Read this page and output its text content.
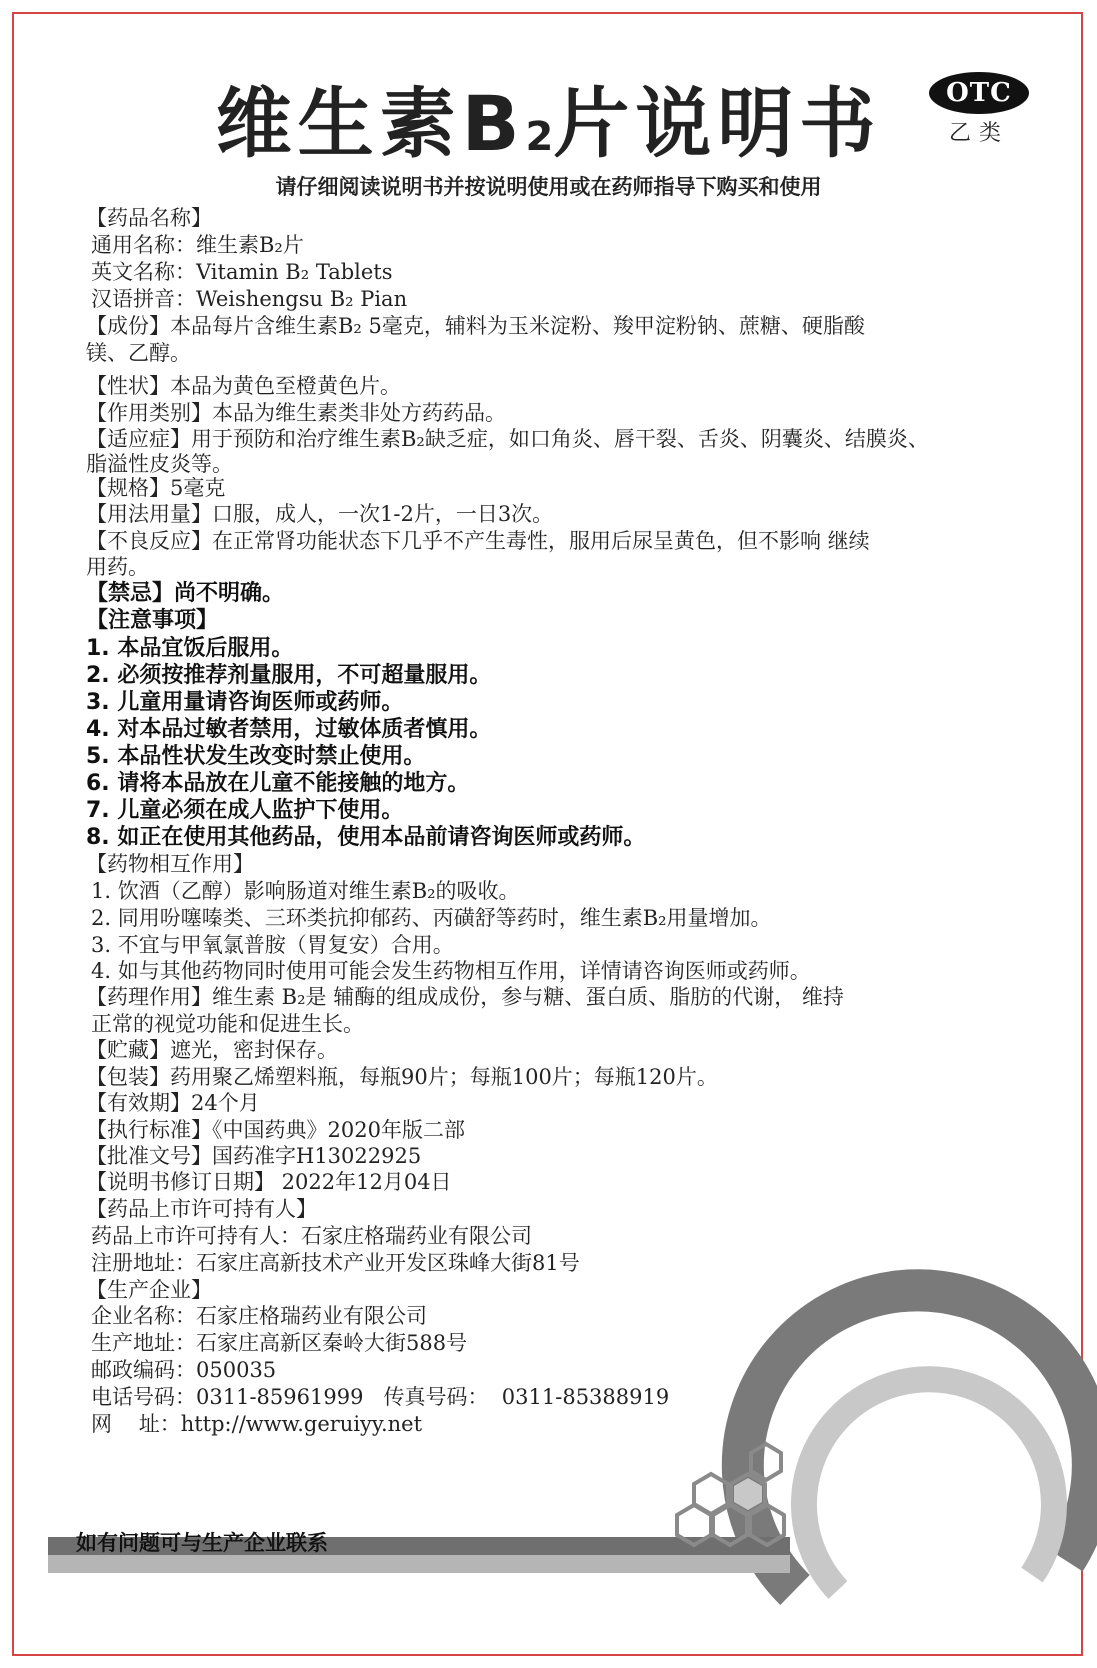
维生素B2片说明书	OTC
乙类
请仔细阅读说明书并按说明使用或在药师指导下购买和使用
【药品名称】
通用名称：维生素B₂片
英文名称：Vitamin B₂ Tablets
汉语拼音：Weishengsu B₂ Pian
【成份】本品每片含维生素B₂ 5毫克，辅料为玉米淀粉、羧甲淀粉钠、蔗糖、硬脂酸
镁、乙醇。
【性状】本品为黄色至橙黄色片。
【作用类别】本品为维生素类非处方药药品。
【适应症】用于预防和治疗维生素B₂缺乏症，如口角炎、唇干裂、舌炎、阴囊炎、结膜炎、
脂溢性皮炎等。
【规格】5毫克
【用法用量】口服，成人，一次1-2片，一日3次。
【不良反应】在正常肾功能状态下几乎不产生毒性，服用后尿呈黄色，但不影响 继续
用药。
【禁忌】尚不明确。
【注意事项】
1. 本品宜饭后服用。
2. 必须按推荐剂量服用，不可超量服用。
3. 儿童用量请咨询医师或药师。
4. 对本品过敏者禁用，过敏体质者慎用。
5. 本品性状发生改变时禁止使用。
6. 请将本品放在儿童不能接触的地方。
7. 儿童必须在成人监护下使用。
8. 如正在使用其他药品，使用本品前请咨询医师或药师。
【药物相互作用】
1. 饮酒（乙醇）影响肠道对维生素B₂的吸收。
2. 同用吩噻嗪类、三环类抗抑郁药、丙磺舒等药时，维生素B₂用量增加。
3. 不宜与甲氧氯普胺（胃复安）合用。
4. 如与其他药物同时使用可能会发生药物相互作用，详情请咨询医师或药师。
【药理作用】维生素 B₂是 辅酶的组成成份，参与糖、蛋白质、脂肪的代谢， 维持
正常的视觉功能和促进生长。
【贮藏】遮光，密封保存。
【包装】药用聚乙烯塑料瓶，每瓶90片；每瓶100片；每瓶120片。
【有效期】24个月
【执行标准】《中国药典》2020年版二部
【批准文号】国药准字H13022925
【说明书修订日期】 2022年12月04日
【药品上市许可持有人】
药品上市许可持有人：石家庄格瑞药业有限公司
注册地址：石家庄高新技术产业开发区珠峰大街81号
【生产企业】
企业名称：石家庄格瑞药业有限公司
生产地址：石家庄高新区秦岭大街588号
邮政编码：050035
电话号码：0311-85961999   传真号码：  0311-85388919
网    址：http://www.geruiyy.net
如有问题可与生产企业联系
